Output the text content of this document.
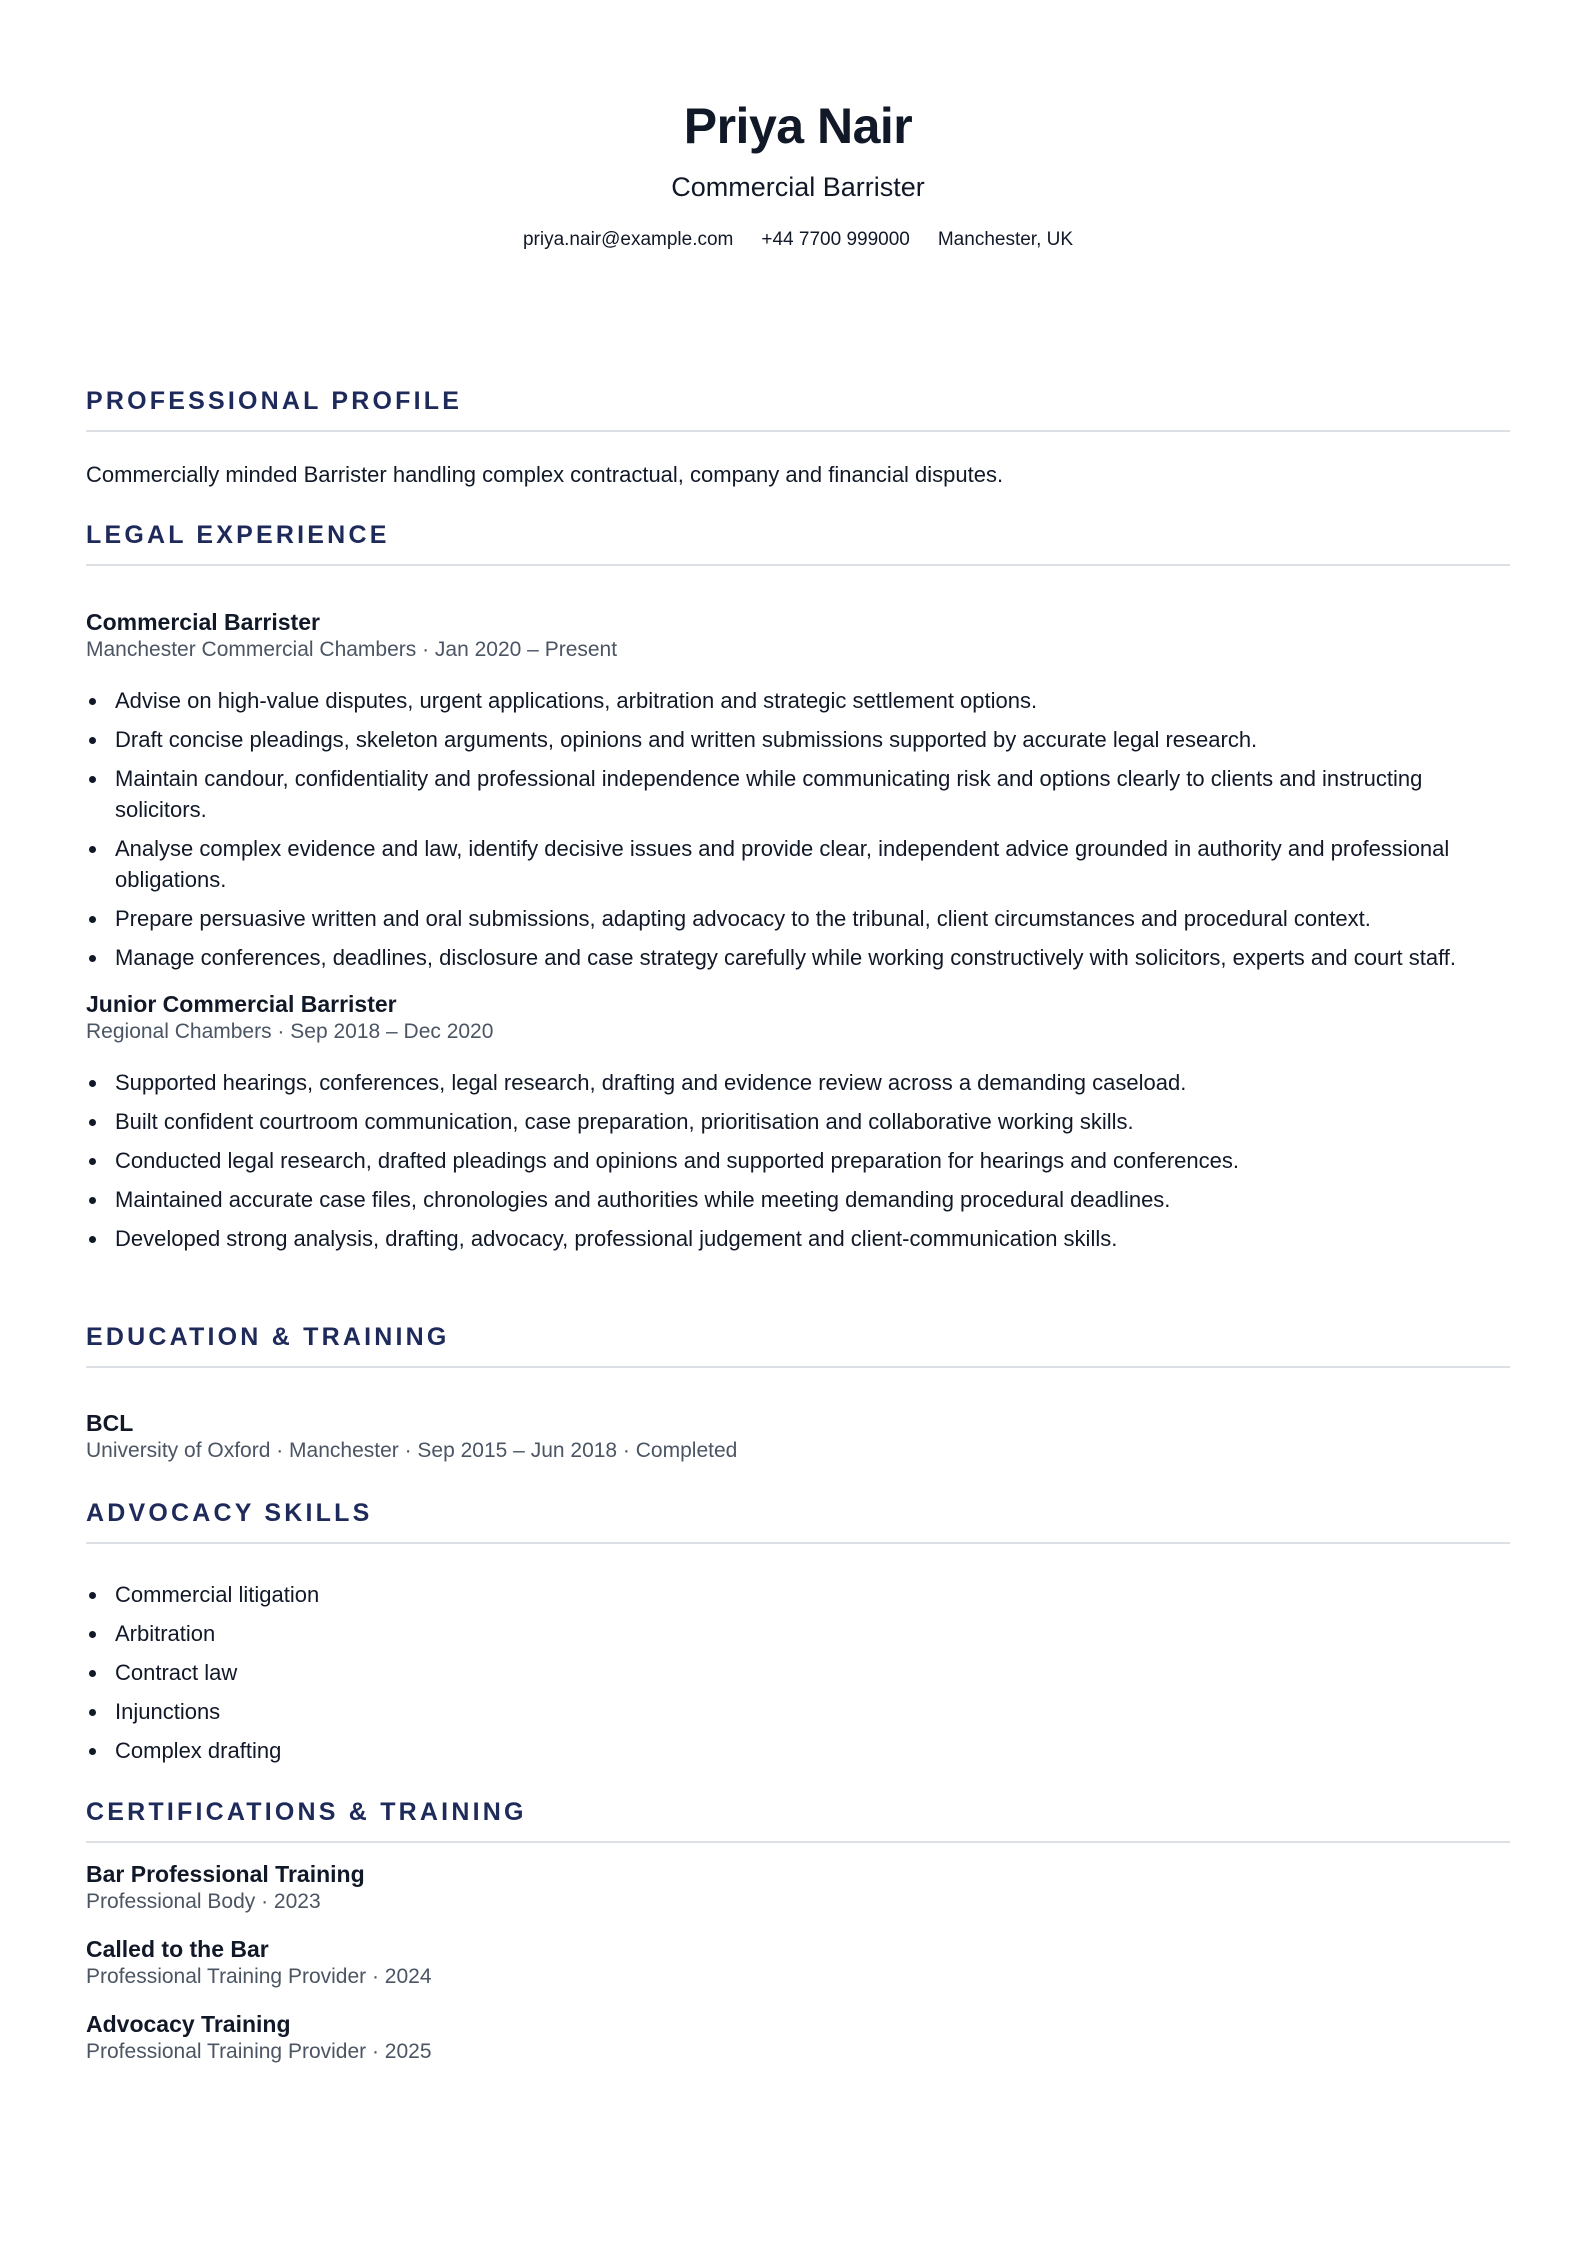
Priya Nair
Commercial Barrister
priya.nair@example.com +44 7700 999000 Manchester, UK
PROFESSIONAL PROFILE
Commercially minded Barrister handling complex contractual, company and financial disputes.
LEGAL EXPERIENCE
Commercial Barrister
Manchester Commercial Chambers · Jan 2020 – Present
Advise on high-value disputes, urgent applications, arbitration and strategic settlement options.
Draft concise pleadings, skeleton arguments, opinions and written submissions supported by accurate legal research.
Maintain candour, confidentiality and professional independence while communicating risk and options clearly to clients and instructing solicitors.
Analyse complex evidence and law, identify decisive issues and provide clear, independent advice grounded in authority and professional obligations.
Prepare persuasive written and oral submissions, adapting advocacy to the tribunal, client circumstances and procedural context.
Manage conferences, deadlines, disclosure and case strategy carefully while working constructively with solicitors, experts and court staff.
Junior Commercial Barrister
Regional Chambers · Sep 2018 – Dec 2020
Supported hearings, conferences, legal research, drafting and evidence review across a demanding caseload.
Built confident courtroom communication, case preparation, prioritisation and collaborative working skills.
Conducted legal research, drafted pleadings and opinions and supported preparation for hearings and conferences.
Maintained accurate case files, chronologies and authorities while meeting demanding procedural deadlines.
Developed strong analysis, drafting, advocacy, professional judgement and client-communication skills.
EDUCATION & TRAINING
BCL
University of Oxford · Manchester · Sep 2015 – Jun 2018 · Completed
ADVOCACY SKILLS
Commercial litigation
Arbitration
Contract law
Injunctions
Complex drafting
CERTIFICATIONS & TRAINING
Bar Professional Training
Professional Body · 2023
Called to the Bar
Professional Training Provider · 2024
Advocacy Training
Professional Training Provider · 2025
